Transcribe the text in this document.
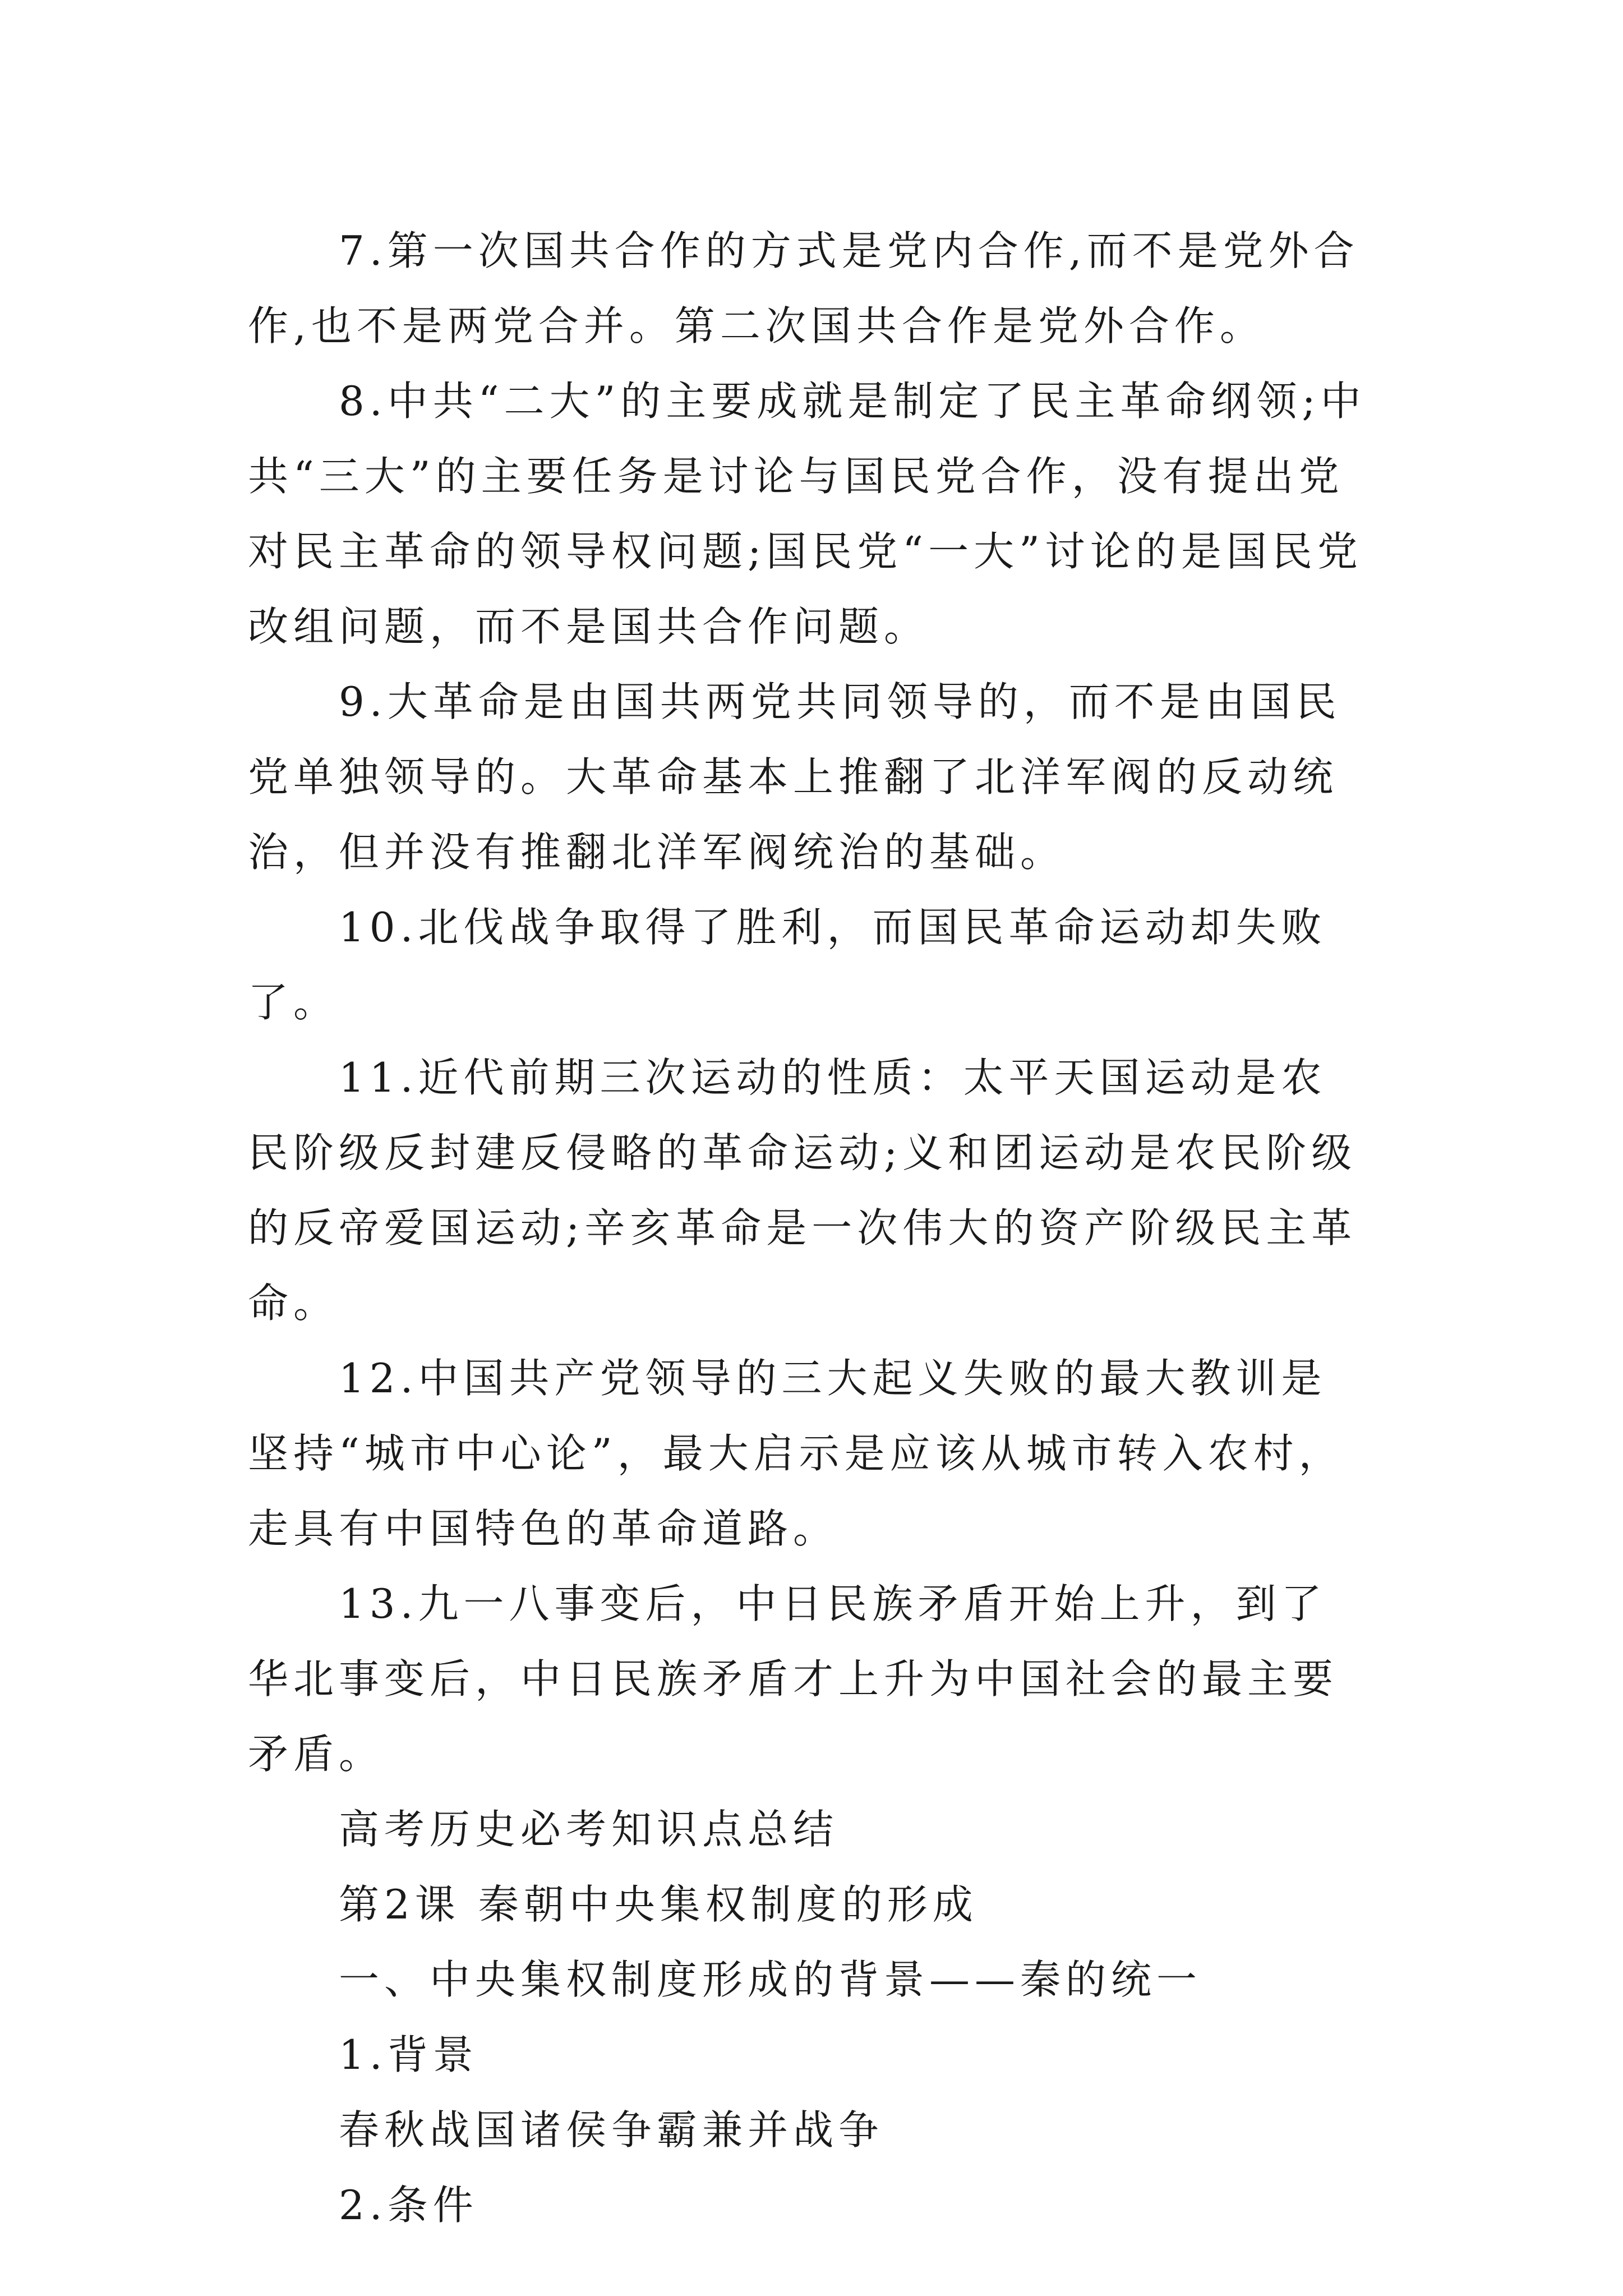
7.第一次国共合作的方式是党内合作,而不是党外合作,也不是两党合并。第二次国共合作是党外合作。

8.中共“二大”的主要成就是制定了民主革命纲领;中共“三大”的主要任务是讨论与国民党合作，没有提出党对民主革命的领导权问题;国民党“一大”讨论的是国民党改组问题，而不是国共合作问题。

9.大革命是由国共两党共同领导的，而不是由国民党单独领导的。大革命基本上推翻了北洋军阀的反动统治，但并没有推翻北洋军阀统治的基础。

10.北伐战争取得了胜利，而国民革命运动却失败了。

11.近代前期三次运动的性质：太平天国运动是农民阶级反封建反侵略的革命运动;义和团运动是农民阶级的反帝爱国运动;辛亥革命是一次伟大的资产阶级民主革命。

12.中国共产党领导的三大起义失败的最大教训是坚持“城市中心论”，最大启示是应该从城市转入农村，走具有中国特色的革命道路。

13.九一八事变后，中日民族矛盾开始上升，到了华北事变后，中日民族矛盾才上升为中国社会的最主要矛盾。

高考历史必考知识点总结

第2课 秦朝中央集权制度的形成

一、中央集权制度形成的背景——秦的统一

1.背景

春秋战国诸侯争霸兼并战争

2.条件
